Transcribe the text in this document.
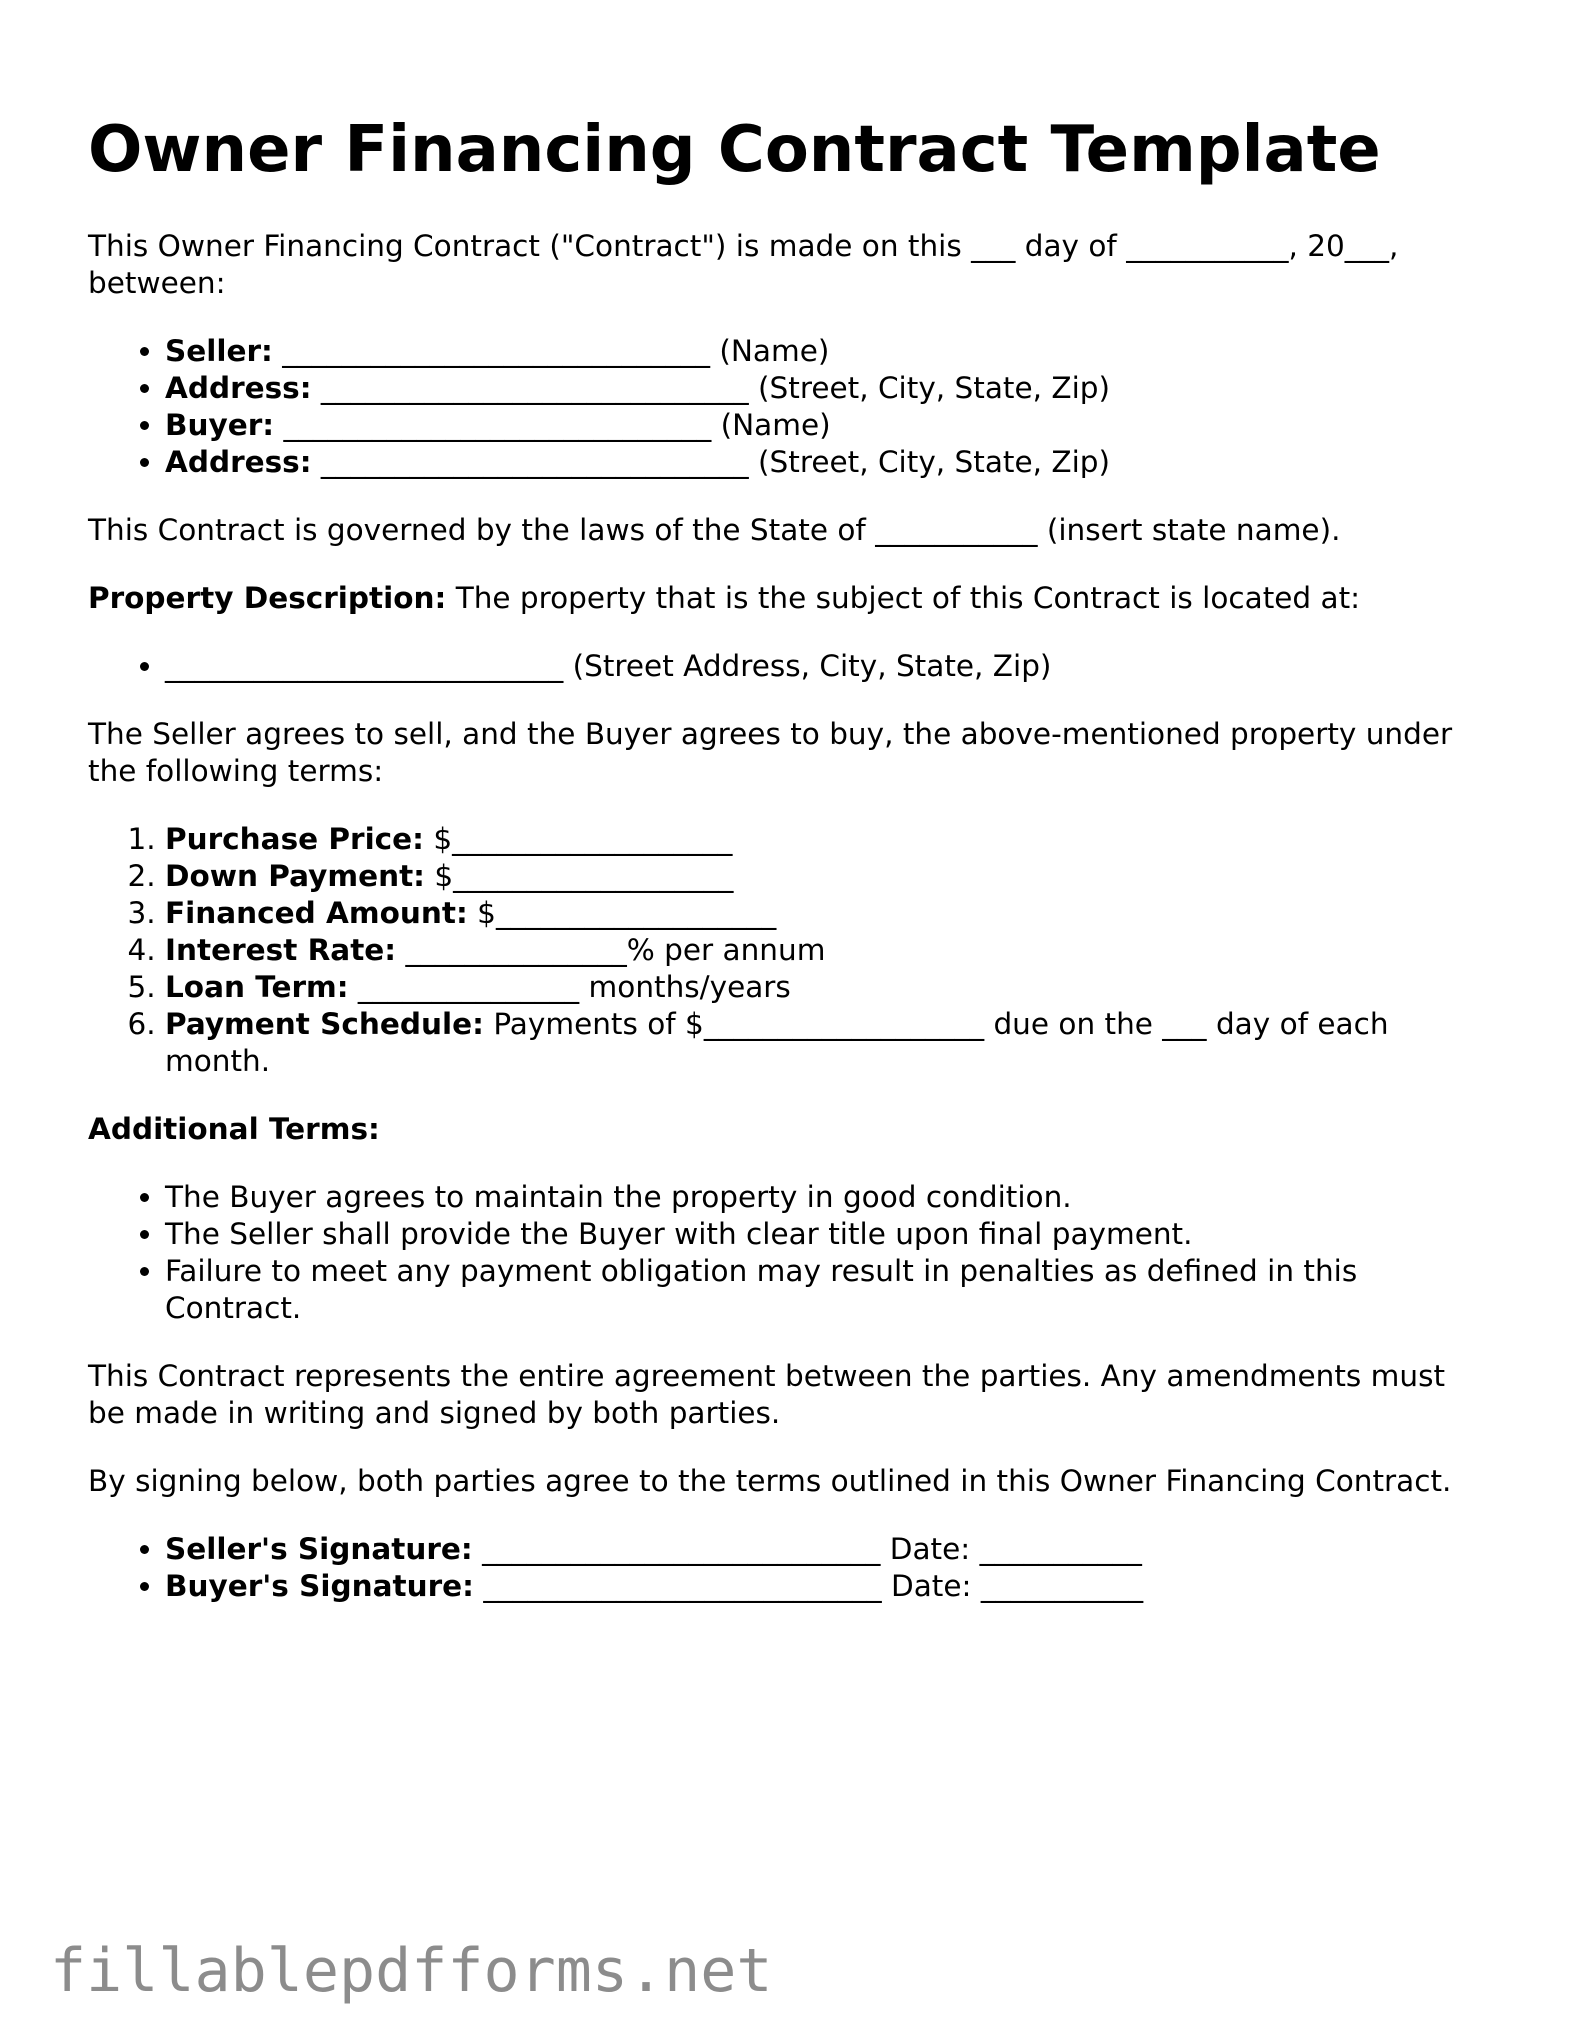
Owner Financing Contract Template

This Owner Financing Contract ("Contract") is made on this ___ day of ___________, 20___, between:

• Seller: _____________________________ (Name)
• Address: _____________________________ (Street, City, State, Zip)
• Buyer: _____________________________ (Name)
• Address: _____________________________ (Street, City, State, Zip)

This Contract is governed by the laws of the State of ___________ (insert state name).

Property Description: The property that is the subject of this Contract is located at:

• ___________________________ (Street Address, City, State, Zip)

The Seller agrees to sell, and the Buyer agrees to buy, the above-mentioned property under the following terms:

1. Purchase Price: $___________________
2. Down Payment: $___________________
3. Financed Amount: $___________________
4. Interest Rate: _______________% per annum
5. Loan Term: _______________ months/years
6. Payment Schedule: Payments of $___________________ due on the ___ day of each month.

Additional Terms:

• The Buyer agrees to maintain the property in good condition.
• The Seller shall provide the Buyer with clear title upon final payment.
• Failure to meet any payment obligation may result in penalties as defined in this Contract.

This Contract represents the entire agreement between the parties. Any amendments must be made in writing and signed by both parties.

By signing below, both parties agree to the terms outlined in this Owner Financing Contract.

• Seller's Signature: ___________________________ Date: ___________
• Buyer's Signature: ___________________________ Date: ___________
fillablepdfforms.net
